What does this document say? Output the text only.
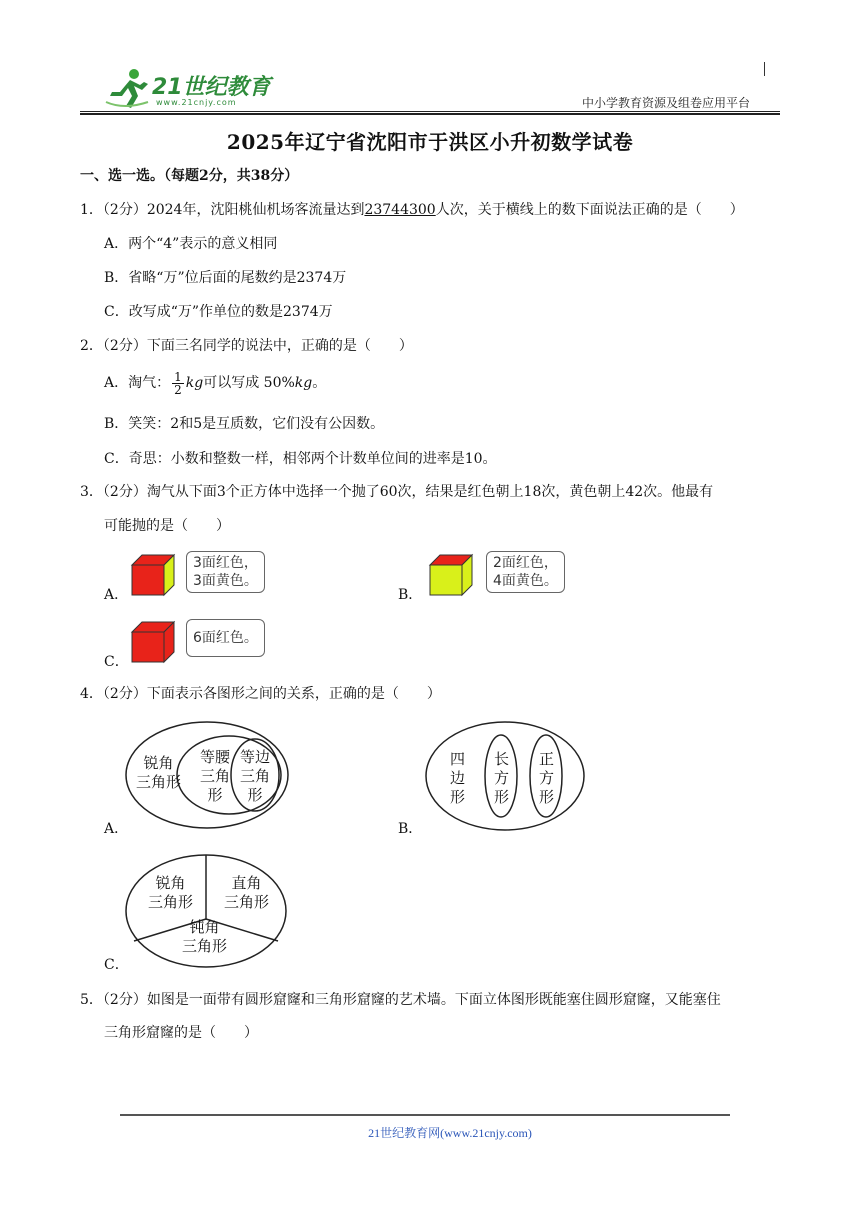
21世纪教育
www.21cnjy.com	中小学教育资源及组卷应用平台
2025年辽宁省沈阳市于洪区小升初数学试卷
一、选一选。（每题2分，共38分）
1．（2分）2024年，沈阳桃仙机场客流量达到23744300人次，关于横线上的数下面说法正确的是（　　）
A．两个“4”表示的意义相同
B．省略“万”位后面的尾数约是2374万
C．改写成“万”作单位的数是2374万
2．（2分）下面三名同学的说法中，正确的是（　　）
A．淘气： $\frac{1}{2}$ kg 可以写成 50% kg 。
B．笑笑：2和5是互质数，它们没有公因数。
C．奇思：小数和整数一样，相邻两个计数单位间的进率是10。
3．（2分）淘气从下面3个正方体中选择一个抛了60次，结果是红色朝上18次，黄色朝上42次。他最有
可能抛的是（　　）
A．
3面红色，
3面黄色。
B．
2面红色，
4面黄色。
C．
6面红色。
4．（2分）下面表示各图形之间的关系，正确的是（　　）
A．
锐角
三角形
等腰
三角
形
等边
三角
形
B．
四
边
形
长
方
形
正
方
形
C．
锐角
三角形
直角
三角形
钝角
三角形
5．（2分）如图是一面带有圆形窟窿和三角形窟窿的艺术墙。下面立体图形既能塞住圆形窟窿，又能塞住
三角形窟窿的是（　　）
21世纪教育网(www.21cnjy.com)
